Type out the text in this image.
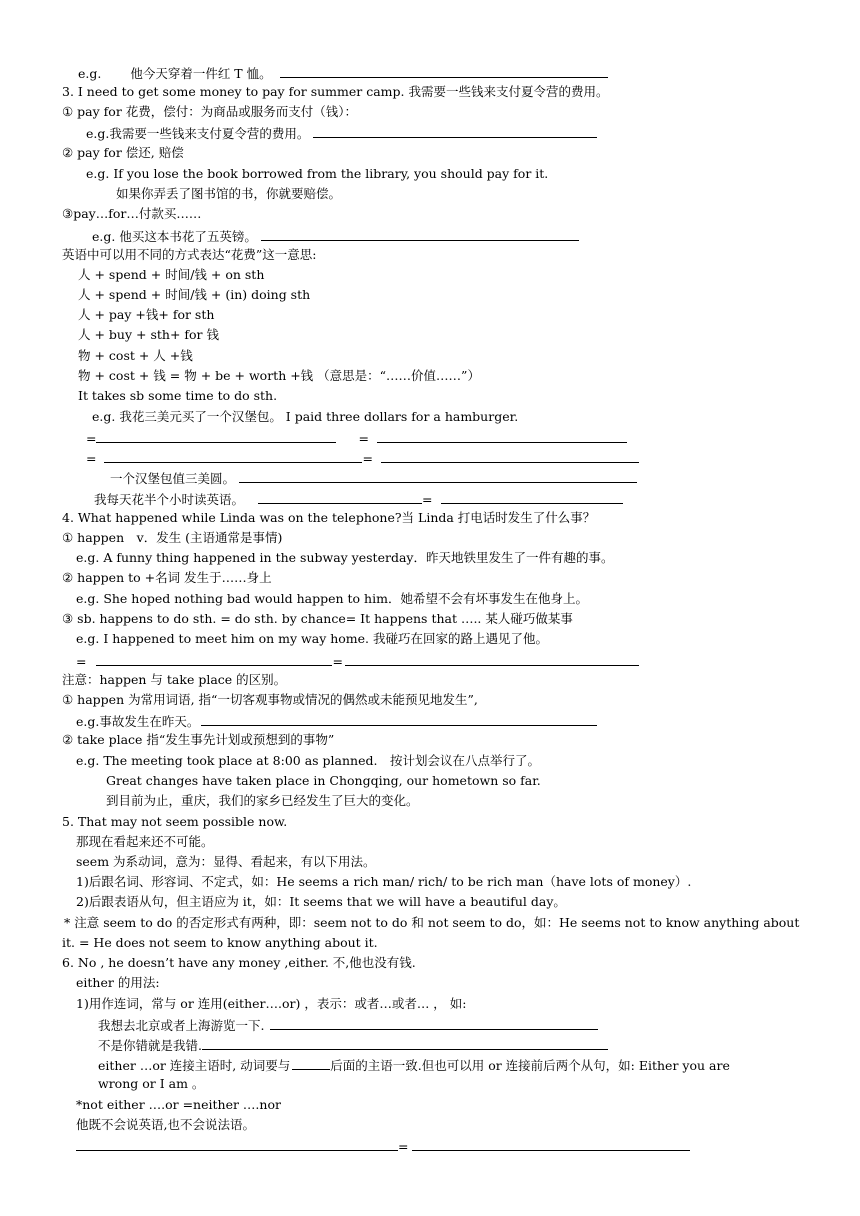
e.g.　　 他今天穿着一件红 T 恤。
3. I need to get some money to pay for summer camp. 我需要一些钱来支付夏令营的费用。
① pay for 花费，偿付：为商品或服务而支付（钱）：
e.g.我需要一些钱来支付夏令营的费用。
② pay for 偿还, 赔偿
e.g. If you lose the book borrowed from the library, you should pay for it.
如果你弄丢了图书馆的书，你就要赔偿。
③pay…for…付款买……
e.g. 他买这本书花了五英镑。
英语中可以用不同的方式表达“花费”这一意思:
人 + spend + 时间/钱 + on sth
人 + spend + 时间/钱 + (in) doing sth
人 + pay +钱+ for sth
人 + buy + sth+ for 钱
物 + cost + 人 +钱
物 + cost + 钱 = 物 + be + worth +钱 （意思是：“……价值……”）
It takes sb some time to do sth.
e.g. 我花三美元买了一个汉堡包。 I paid three dollars for a hamburger.
=	=
=	=
一个汉堡包值三美圆。
我每天花半个小时读英语。	=
4. What happened while Linda was on the telephone?当 Linda 打电话时发生了什么事？
① happen　v．发生 (主语通常是事情)
e.g. A funny thing happened in the subway yesterday．昨天地铁里发生了一件有趣的事。
② happen to +名词 发生于……身上
e.g. She hoped nothing bad would happen to him．她希望不会有坏事发生在他身上。
③ sb. happens to do sth. = do sth. by chance= It happens that ….. 某人碰巧做某事
e.g. I happened to meet him on my way home. 我碰巧在回家的路上遇见了他。
=	=
注意：happen 与 take place 的区别。
① happen 为常用词语, 指“一切客观事物或情况的偶然或未能预见地发生”,
e.g.事故发生在昨天。
② take place 指“发生事先计划或预想到的事物”
e.g. The meeting took place at 8:00 as planned.　按计划会议在八点举行了。
Great changes have taken place in Chongqing, our hometown so far.
到目前为止，重庆，我们的家乡已经发生了巨大的变化。
5. That may not seem possible now.
那现在看起来还不可能。
seem 为系动词，意为：显得、看起来，有以下用法。
1)后跟名词、形容词、不定式，如：He seems a rich man/ rich/ to be rich man（have lots of money）.
2)后跟表语从句，但主语应为 it，如：It seems that we will have a beautiful day。
* 注意 seem to do 的否定形式有两种，即：seem not to do 和 not seem to do，如：He seems not to know anything about
it. = He does not seem to know anything about it.
6. No , he doesn’t have any money ,either. 不,他也没有钱.
either 的用法:
1)用作连词，常与 or 连用(either….or) ，表示：或者…或者… ， 如:
我想去北京或者上海游览一下.
不是你错就是我错.
either …or 连接主语时, 动词要与	后面的主语一致.但也可以用 or 连接前后两个从句，如: Either you are
wrong or I am 。
*not either ….or =neither ….nor
他既不会说英语,也不会说法语。
=
